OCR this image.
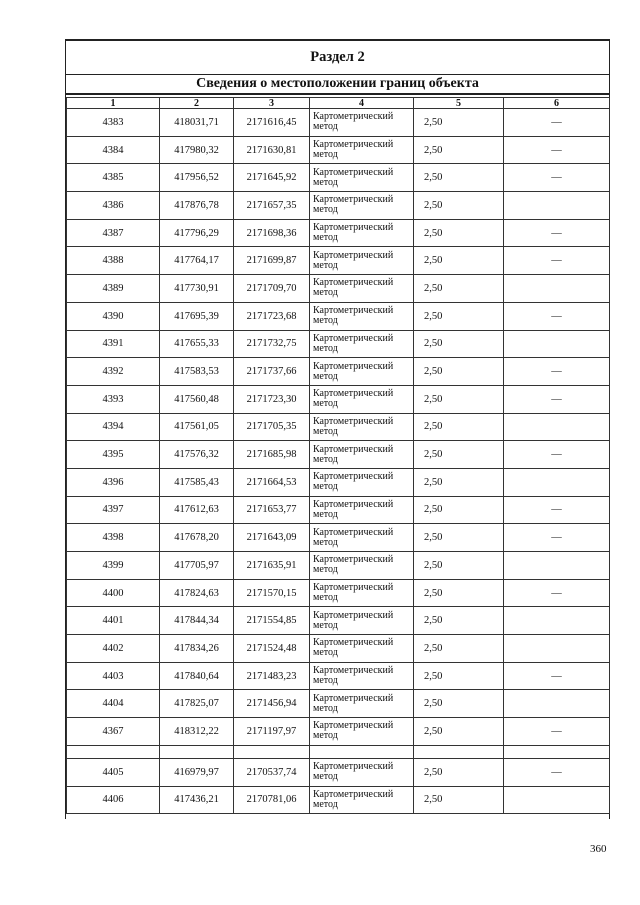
Раздел 2
Сведения о местоположении границ объекта
1	2	3	4	5	6
4383	418031,71	2171616,45	Картометрический метод	2,50	—
4384	417980,32	2171630,81	Картометрический метод	2,50	—
4385	417956,52	2171645,92	Картометрический метод	2,50	—
4386	417876,78	2171657,35	Картометрический метод	2,50	
4387	417796,29	2171698,36	Картометрический метод	2,50	—
4388	417764,17	2171699,87	Картометрический метод	2,50	—
4389	417730,91	2171709,70	Картометрический метод	2,50	
4390	417695,39	2171723,68	Картометрический метод	2,50	—
4391	417655,33	2171732,75	Картометрический метод	2,50	
4392	417583,53	2171737,66	Картометрический метод	2,50	—
4393	417560,48	2171723,30	Картометрический метод	2,50	—
4394	417561,05	2171705,35	Картометрический метод	2,50	
4395	417576,32	2171685,98	Картометрический метод	2,50	—
4396	417585,43	2171664,53	Картометрический метод	2,50	
4397	417612,63	2171653,77	Картометрический метод	2,50	—
4398	417678,20	2171643,09	Картометрический метод	2,50	—
4399	417705,97	2171635,91	Картометрический метод	2,50	
4400	417824,63	2171570,15	Картометрический метод	2,50	—
4401	417844,34	2171554,85	Картометрический метод	2,50	
4402	417834,26	2171524,48	Картометрический метод	2,50	
4403	417840,64	2171483,23	Картометрический метод	2,50	—
4404	417825,07	2171456,94	Картометрический метод	2,50	
4367	418312,22	2171197,97	Картометрический метод	2,50	—

4405	416979,97	2170537,74	Картометрический метод	2,50	—
4406	417436,21	2170781,06	Картометрический метод	2,50	
360
